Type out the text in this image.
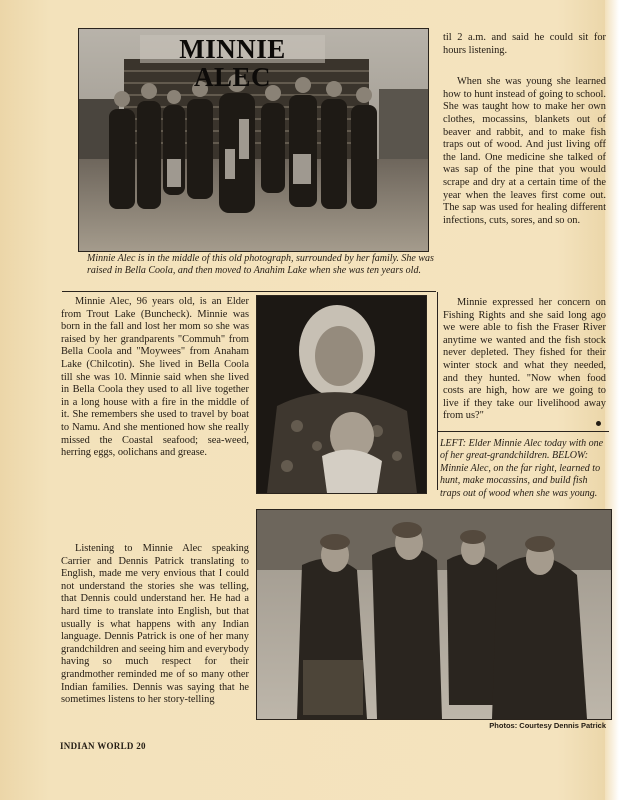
MINNIE ALEC
Minnie Alec is in the middle of this old photograph, surrounded by her family. She was raised in Bella Coola, and then moved to Anahim Lake when she was ten years old.

til 2 a.m. and said he could sit for hours listening.

When she was young she learned how to hunt instead of going to school. She was taught how to make her own clothes, mocassins, blankets out of beaver and rabbit, and to make fish traps out of wood. And just living off the land. One medicine she talked of was sap of the pine that you would scrape and dry at a certain time of the year when the leaves first come out. The sap was used for healing different infections, cuts, sores, and so on.

Minnie Alec, 96 years old, is an Elder from Trout Lake (Buncheck). Minnie was born in the fall and lost her mom so she was raised by her grandparents "Commuh" from Bella Coola and "Moywees" from Anaham Lake (Chilcotin). She lived in Bella Coola till she was 10. Minnie said when she lived in Bella Coola they used to all live together in a long house with a fire in the middle of it. She remembers she used to travel by boat to Namu. And she mentioned how she really missed the Coastal seafood; sea-weed, herring eggs, oolichans and grease.

Minnie expressed her concern on Fishing Rights and she said long ago we were able to fish the Fraser River anytime we wanted and the fish stock never depleted. They fished for their winter stock and what they needed, and they hunted. "Now when food costs are high, how are we going to live if they take our livelihood away from us?"

LEFT: Elder Minnie Alec today with one of her great-grandchildren. BELOW: Minnie Alec, on the far right, learned to hunt, make mocassins, and build fish traps out of wood when she was young.

Listening to Minnie Alec speaking Carrier and Dennis Patrick translating to English, made me very envious that I could not understand the stories she was telling, that Dennis could understand her. He had a hard time to translate into English, but that usually is what happens with any Indian language. Dennis Patrick is one of her many grandchildren and seeing him and everybody having so much respect for their grandmother reminded me of so many other Indian families. Dennis was saying that he sometimes listens to her story-telling

Photos: Courtesy Dennis Patrick
INDIAN WORLD 20
